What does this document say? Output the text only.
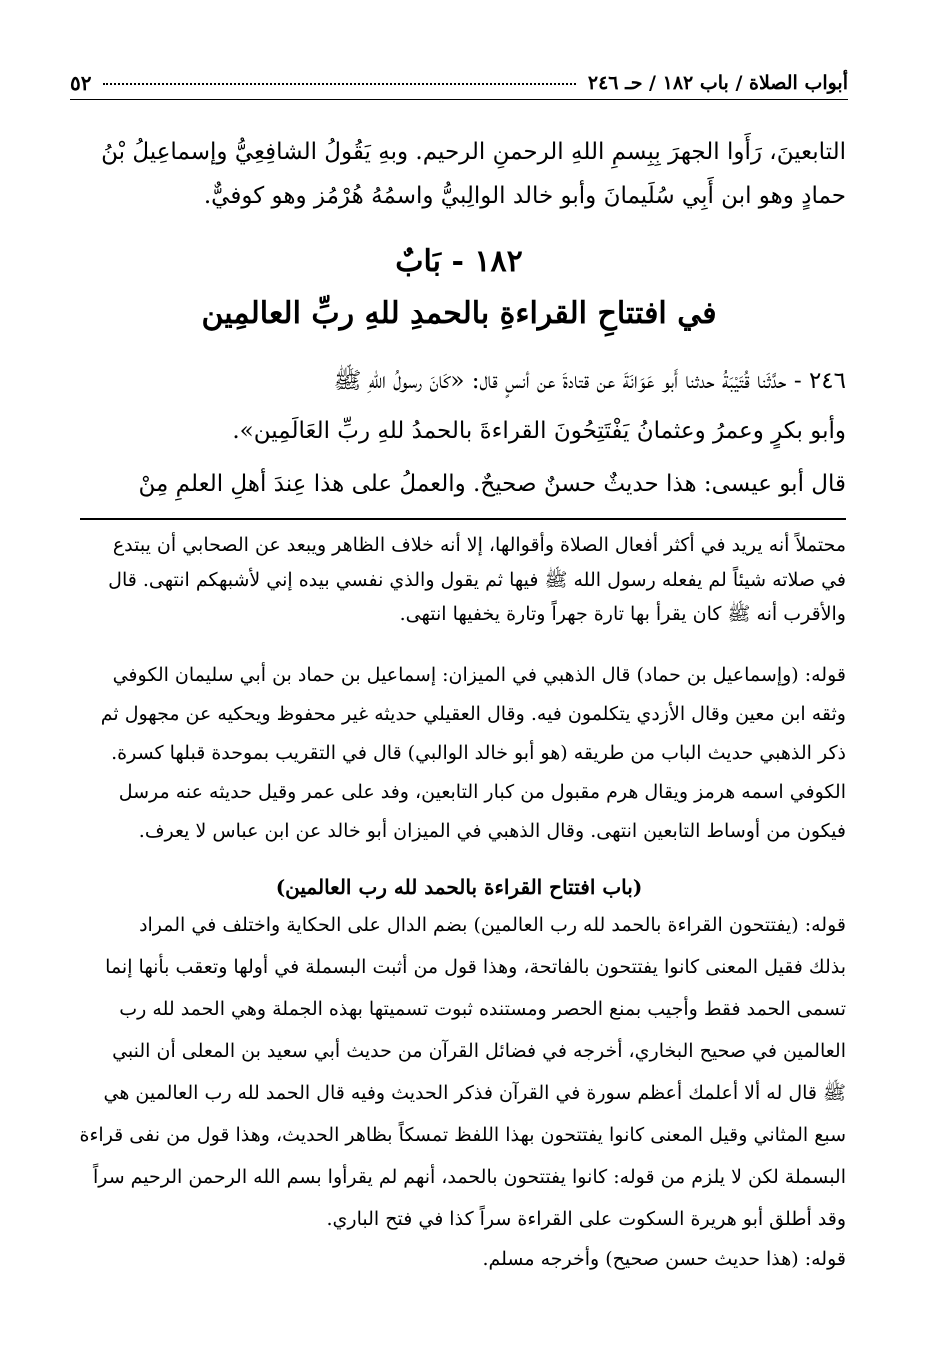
٥٢	أبواب الصلاة / باب ١٨٢ / حـ ٢٤٦
التابعينَ، رَأَوا الجهرَ بِبِسمِ اللهِ الرحمنِ الرحيم. وبهِ يَقُولُ الشافِعِيُّ وإسماعِيلُ بْنُ
حمادٍ وهو ابن أَبِي سُلَيمانَ وأبو خالد الوالِبيُّ واسمُهُ هُرْمُز وهو كوفيٌّ.
١٨٢ - بَابٌ
في افتتاحِ القراءةِ بالحمدِ للهِ ربِّ العالمِين
٢٤٦ - حدَّثَنا قُتَيْبَةُ حدثنا أَبو عَوَانَةَ عن قتادةَ عن أنسٍ قال: «كَانَ رسولُ اللهِ ﷺ
وأبو بكرٍ وعمرُ وعثمانُ يَفْتَتِحُونَ القراءةَ بالحمدُ للهِ ربِّ العَالَمِين».
قال أبو عيسى: هذا حديثٌ حسنٌ صحيحٌ. والعملُ على هذا عِندَ أهلِ العلمِ مِنْ
محتملاً أنه يريد في أكثر أفعال الصلاة وأقوالها، إلا أنه خلاف الظاهر ويبعد عن الصحابي أن يبتدع
في صلاته شيئاً لم يفعله رسول الله ﷺ فيها ثم يقول والذي نفسي بيده إني لأشبهكم انتهى. قال
والأقرب أنه ﷺ كان يقرأ بها تارة جهراً وتارة يخفيها انتهى.
قوله: (وإسماعيل بن حماد) قال الذهبي في الميزان: إسماعيل بن حماد بن أبي سليمان الكوفي
وثقه ابن معين وقال الأزدي يتكلمون فيه. وقال العقيلي حديثه غير محفوظ ويحكيه عن مجهول ثم
ذكر الذهبي حديث الباب من طريقه (هو أبو خالد الوالبي) قال في التقريب بموحدة قبلها كسرة.
الكوفي اسمه هرمز ويقال هرم مقبول من كبار التابعين، وفد على عمر وقيل حديثه عنه مرسل
فيكون من أوساط التابعين انتهى. وقال الذهبي في الميزان أبو خالد عن ابن عباس لا يعرف.
(باب افتتاح القراءة بالحمد لله رب العالمين)
قوله: (يفتتحون القراءة بالحمد لله رب العالمين) بضم الدال على الحكاية واختلف في المراد
بذلك فقيل المعنى كانوا يفتتحون بالفاتحة، وهذا قول من أثبت البسملة في أولها وتعقب بأنها إنما
تسمى الحمد فقط وأجيب بمنع الحصر ومستنده ثبوت تسميتها بهذه الجملة وهي الحمد لله رب
العالمين في صحيح البخاري، أخرجه في فضائل القرآن من حديث أبي سعيد بن المعلى أن النبي
ﷺ قال له ألا أعلمك أعظم سورة في القرآن فذكر الحديث وفيه قال الحمد لله رب العالمين هي
سبع المثاني وقيل المعنى كانوا يفتتحون بهذا اللفظ تمسكاً بظاهر الحديث، وهذا قول من نفى قراءة
البسملة لكن لا يلزم من قوله: كانوا يفتتحون بالحمد، أنهم لم يقرأوا بسم الله الرحمن الرحيم سراً
وقد أطلق أبو هريرة السكوت على القراءة سراً كذا في فتح الباري.
قوله: (هذا حديث حسن صحيح) وأخرجه مسلم.
